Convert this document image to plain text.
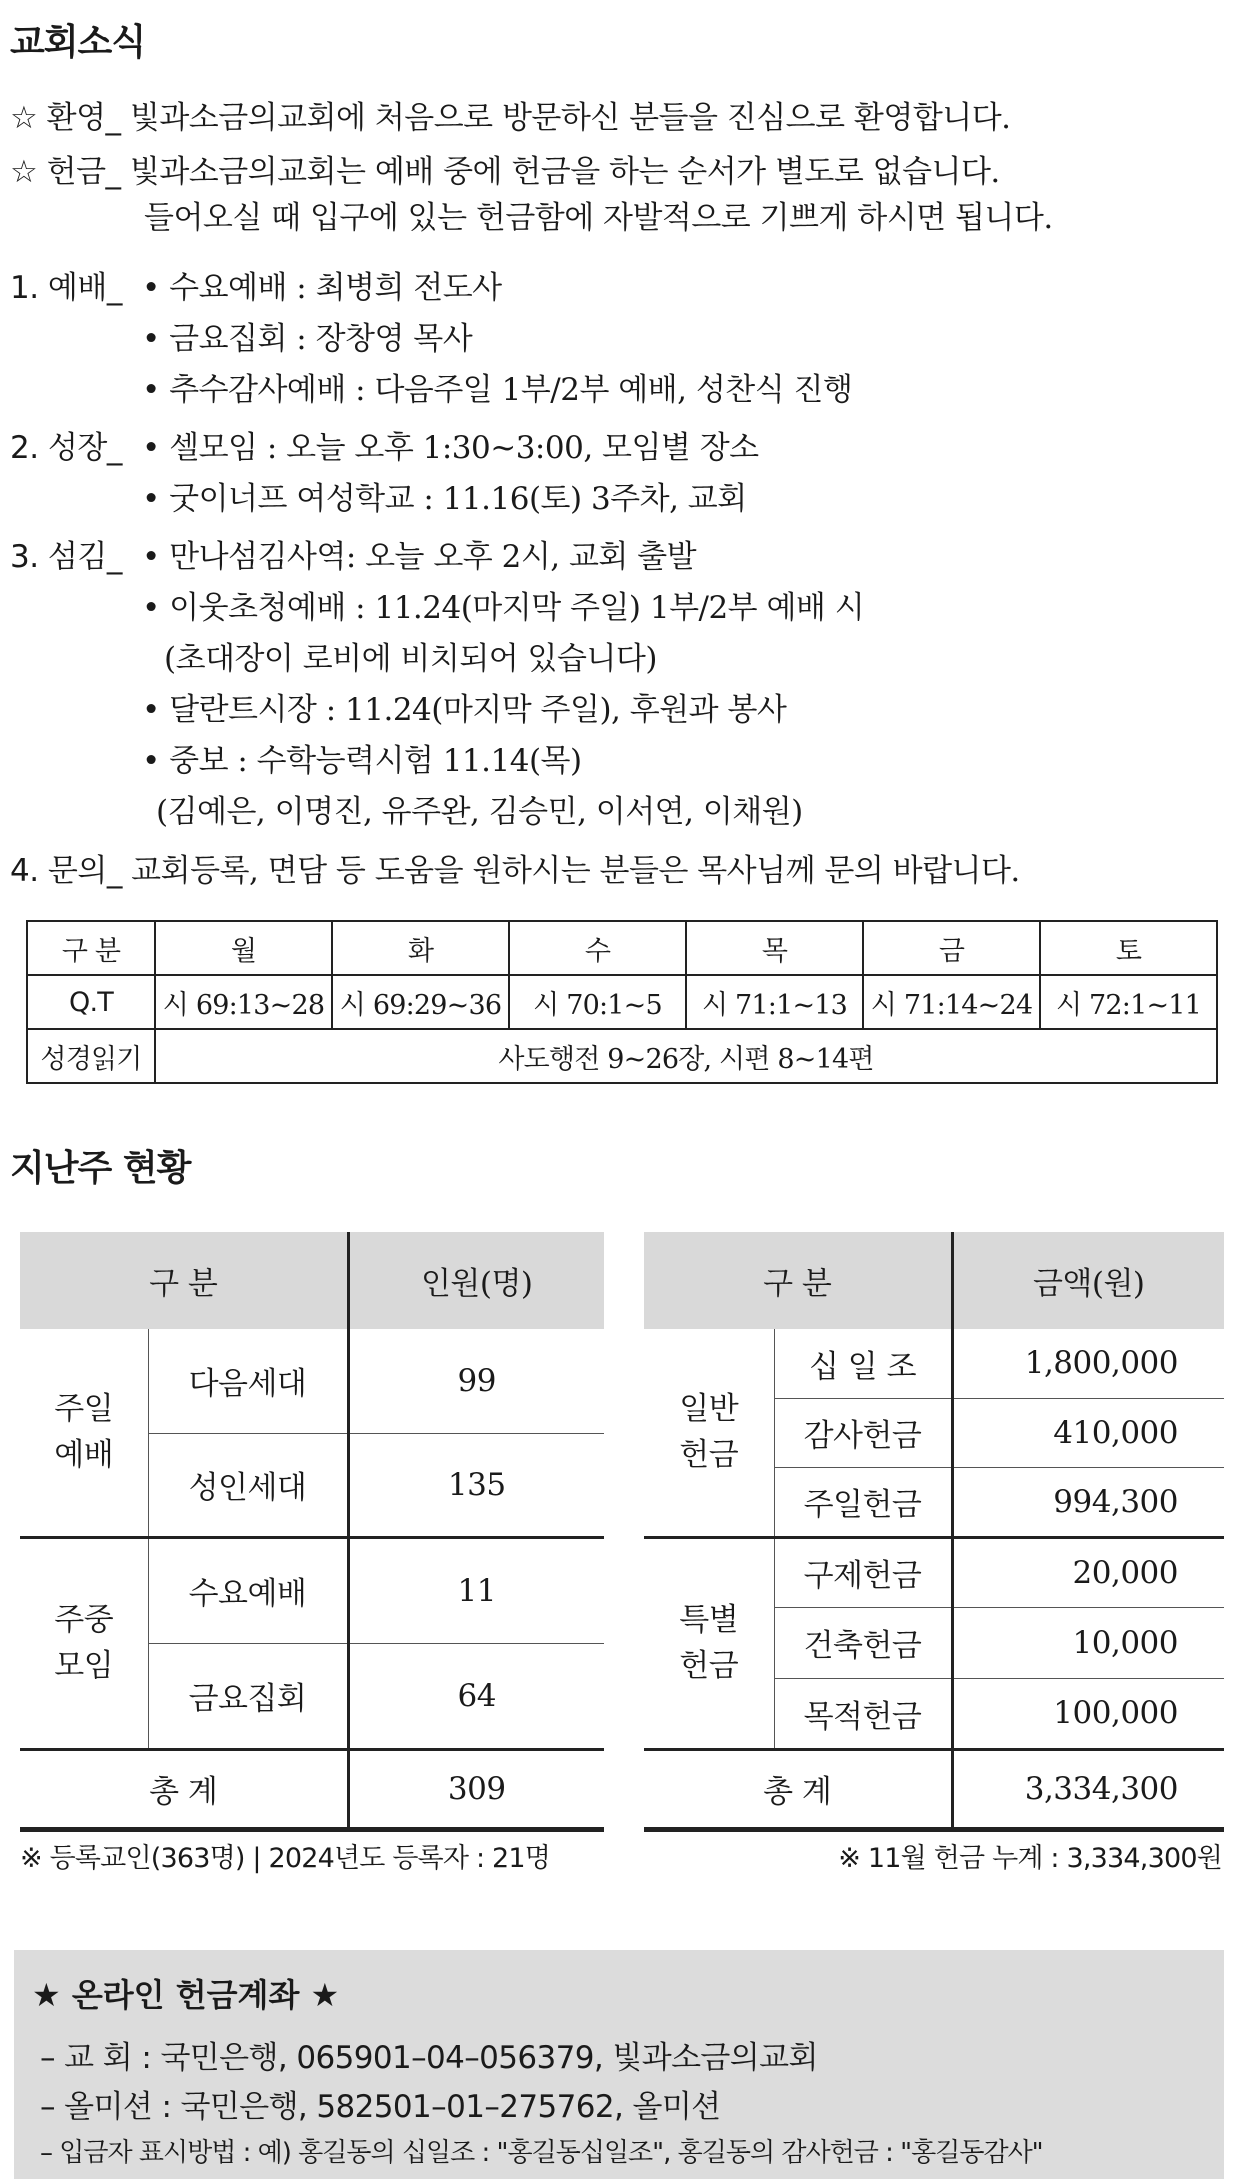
교회소식
☆ 환영_ 빛과소금의교회에 처음으로 방문하신 분들을 진심으로 환영합니다.
☆ 헌금_ 빛과소금의교회는 예배 중에 헌금을 하는 순서가 별도로 없습니다.
들어오실 때 입구에 있는 헌금함에 자발적으로 기쁘게 하시면 됩니다.
1. 예배_ • 수요예배 : 최병희 전도사
• 금요집회 : 장창영 목사
• 추수감사예배 : 다음주일 1부/2부 예배, 성찬식 진행
2. 성장_ • 셀모임 : 오늘 오후 1:30~3:00, 모임별 장소
• 굿이너프 여성학교 : 11.16(토) 3주차, 교회
3. 섬김_ • 만나섬김사역: 오늘 오후 2시, 교회 출발
• 이웃초청예배 : 11.24(마지막 주일) 1부/2부 예배 시
(초대장이 로비에 비치되어 있습니다)
• 달란트시장 : 11.24(마지막 주일), 후원과 봉사
• 중보 : 수학능력시험 11.14(목)
(김예은, 이명진, 유주완, 김승민, 이서연, 이채원)
4. 문의_ 교회등록, 면담 등 도움을 원하시는 분들은 목사님께 문의 바랍니다.
구 분	월	화	수	목	금	토
Q.T	시 69:13~28	시 69:29~36	시 70:1~5	시 71:1~13	시 71:14~24	시 72:1~11
성경읽기	사도행전 9~26장, 시편 8~14편					
지난주 현황
구 분		인원(명)

주일
예배	다음세대	99
	성인세대	135

주중
모임	수요예배	11
	금요집회	64
총 계		309
구 분		금액(원)

일반
헌금	십 일 조	1,800,000
	감사헌금	410,000
	주일헌금	994,300

특별
헌금	구제헌금	20,000
	건축헌금	10,000
	목적헌금	100,000
총 계		3,334,300
※ 등록교인(363명) | 2024년도 등록자 : 21명	※ 11월 헌금 누계 : 3,334,300원
★ 온라인 헌금계좌 ★
– 교 회 : 국민은행, 065901–04–056379, 빛과소금의교회
– 올미션 : 국민은행, 582501–01–275762, 올미션
– 입금자 표시방법 : 예) 홍길동의 십일조 : "홍길동십일조", 홍길동의 감사헌금 : "홍길동감사"
